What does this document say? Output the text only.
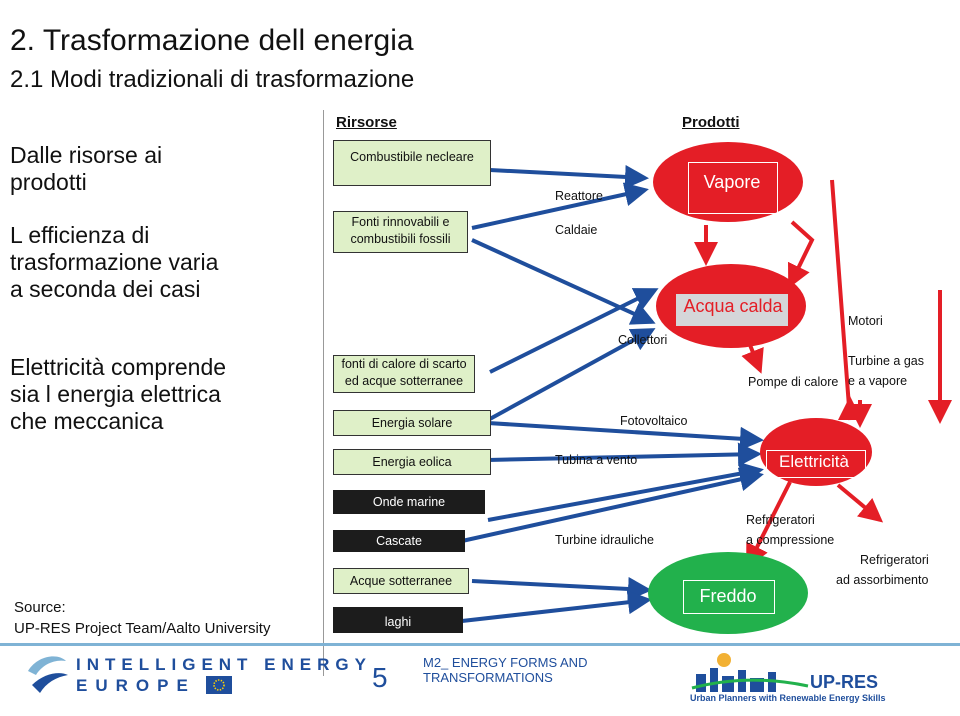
2. Trasformazione dell energia
2.1 Modi tradizionali di trasformazione
Dalle risorse ai prodotti
L efficienza di trasformazione varia a seconda dei casi
Elettricità comprende sia l energia elettrica che meccanica
Source:
UP-RES Project Team/Aalto University
Rirsorse	Prodotti
Combustibile necleare
Fonti rinnovabili e combustibili fossili
fonti di calore di scarto ed acque sotterranee
Energia solare
Energia eolica
Onde marine
Cascate
Acque sotterranee
laghi
Reattore
Caldaie
Collettori
Fotovoltaico
Tubina a vento
Turbine idrauliche
Motori
Turbine a gas
e a vapore
Pompe di calore
Refrigeratori
a compressione
Refrigeratori
ad assorbimento
Vapore
Acqua calda
Elettricità
Freddo
INTELLIGENT ENERGY
EUROPE	5	M2_ ENERGY FORMS AND
TRANSFORMATIONS	UP-RES
Urban Planners with Renewable Energy Skills
